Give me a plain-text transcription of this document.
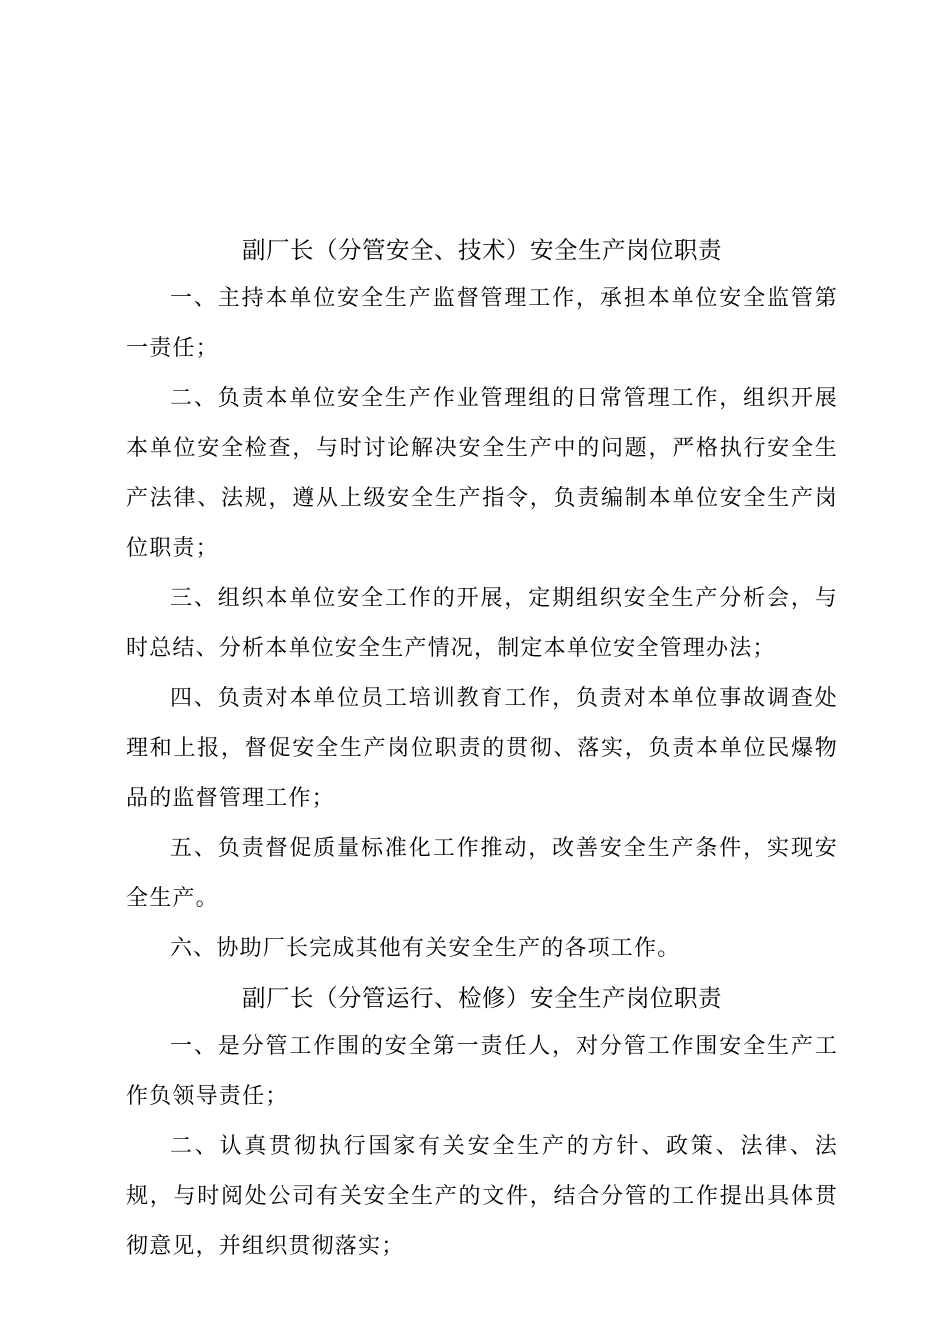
副厂长（分管安全、技术）安全生产岗位职责

一、主持本单位安全生产监督管理工作，承担本单位安全监管第一责任；

二、负责本单位安全生产作业管理组的日常管理工作，组织开展本单位安全检查，与时讨论解决安全生产中的问题，严格执行安全生产法律、法规，遵从上级安全生产指令，负责编制本单位安全生产岗位职责；

三、组织本单位安全工作的开展，定期组织安全生产分析会，与时总结、分析本单位安全生产情况，制定本单位安全管理办法；

四、负责对本单位员工培训教育工作，负责对本单位事故调查处理和上报，督促安全生产岗位职责的贯彻、落实，负责本单位民爆物品的监督管理工作；

五、负责督促质量标准化工作推动，改善安全生产条件，实现安全生产。

六、协助厂长完成其他有关安全生产的各项工作。

副厂长（分管运行、检修）安全生产岗位职责

一、是分管工作围的安全第一责任人，对分管工作围安全生产工作负领导责任；

二、认真贯彻执行国家有关安全生产的方针、政策、法律、法规，与时阅处公司有关安全生产的文件，结合分管的工作提出具体贯彻意见，并组织贯彻落实；
